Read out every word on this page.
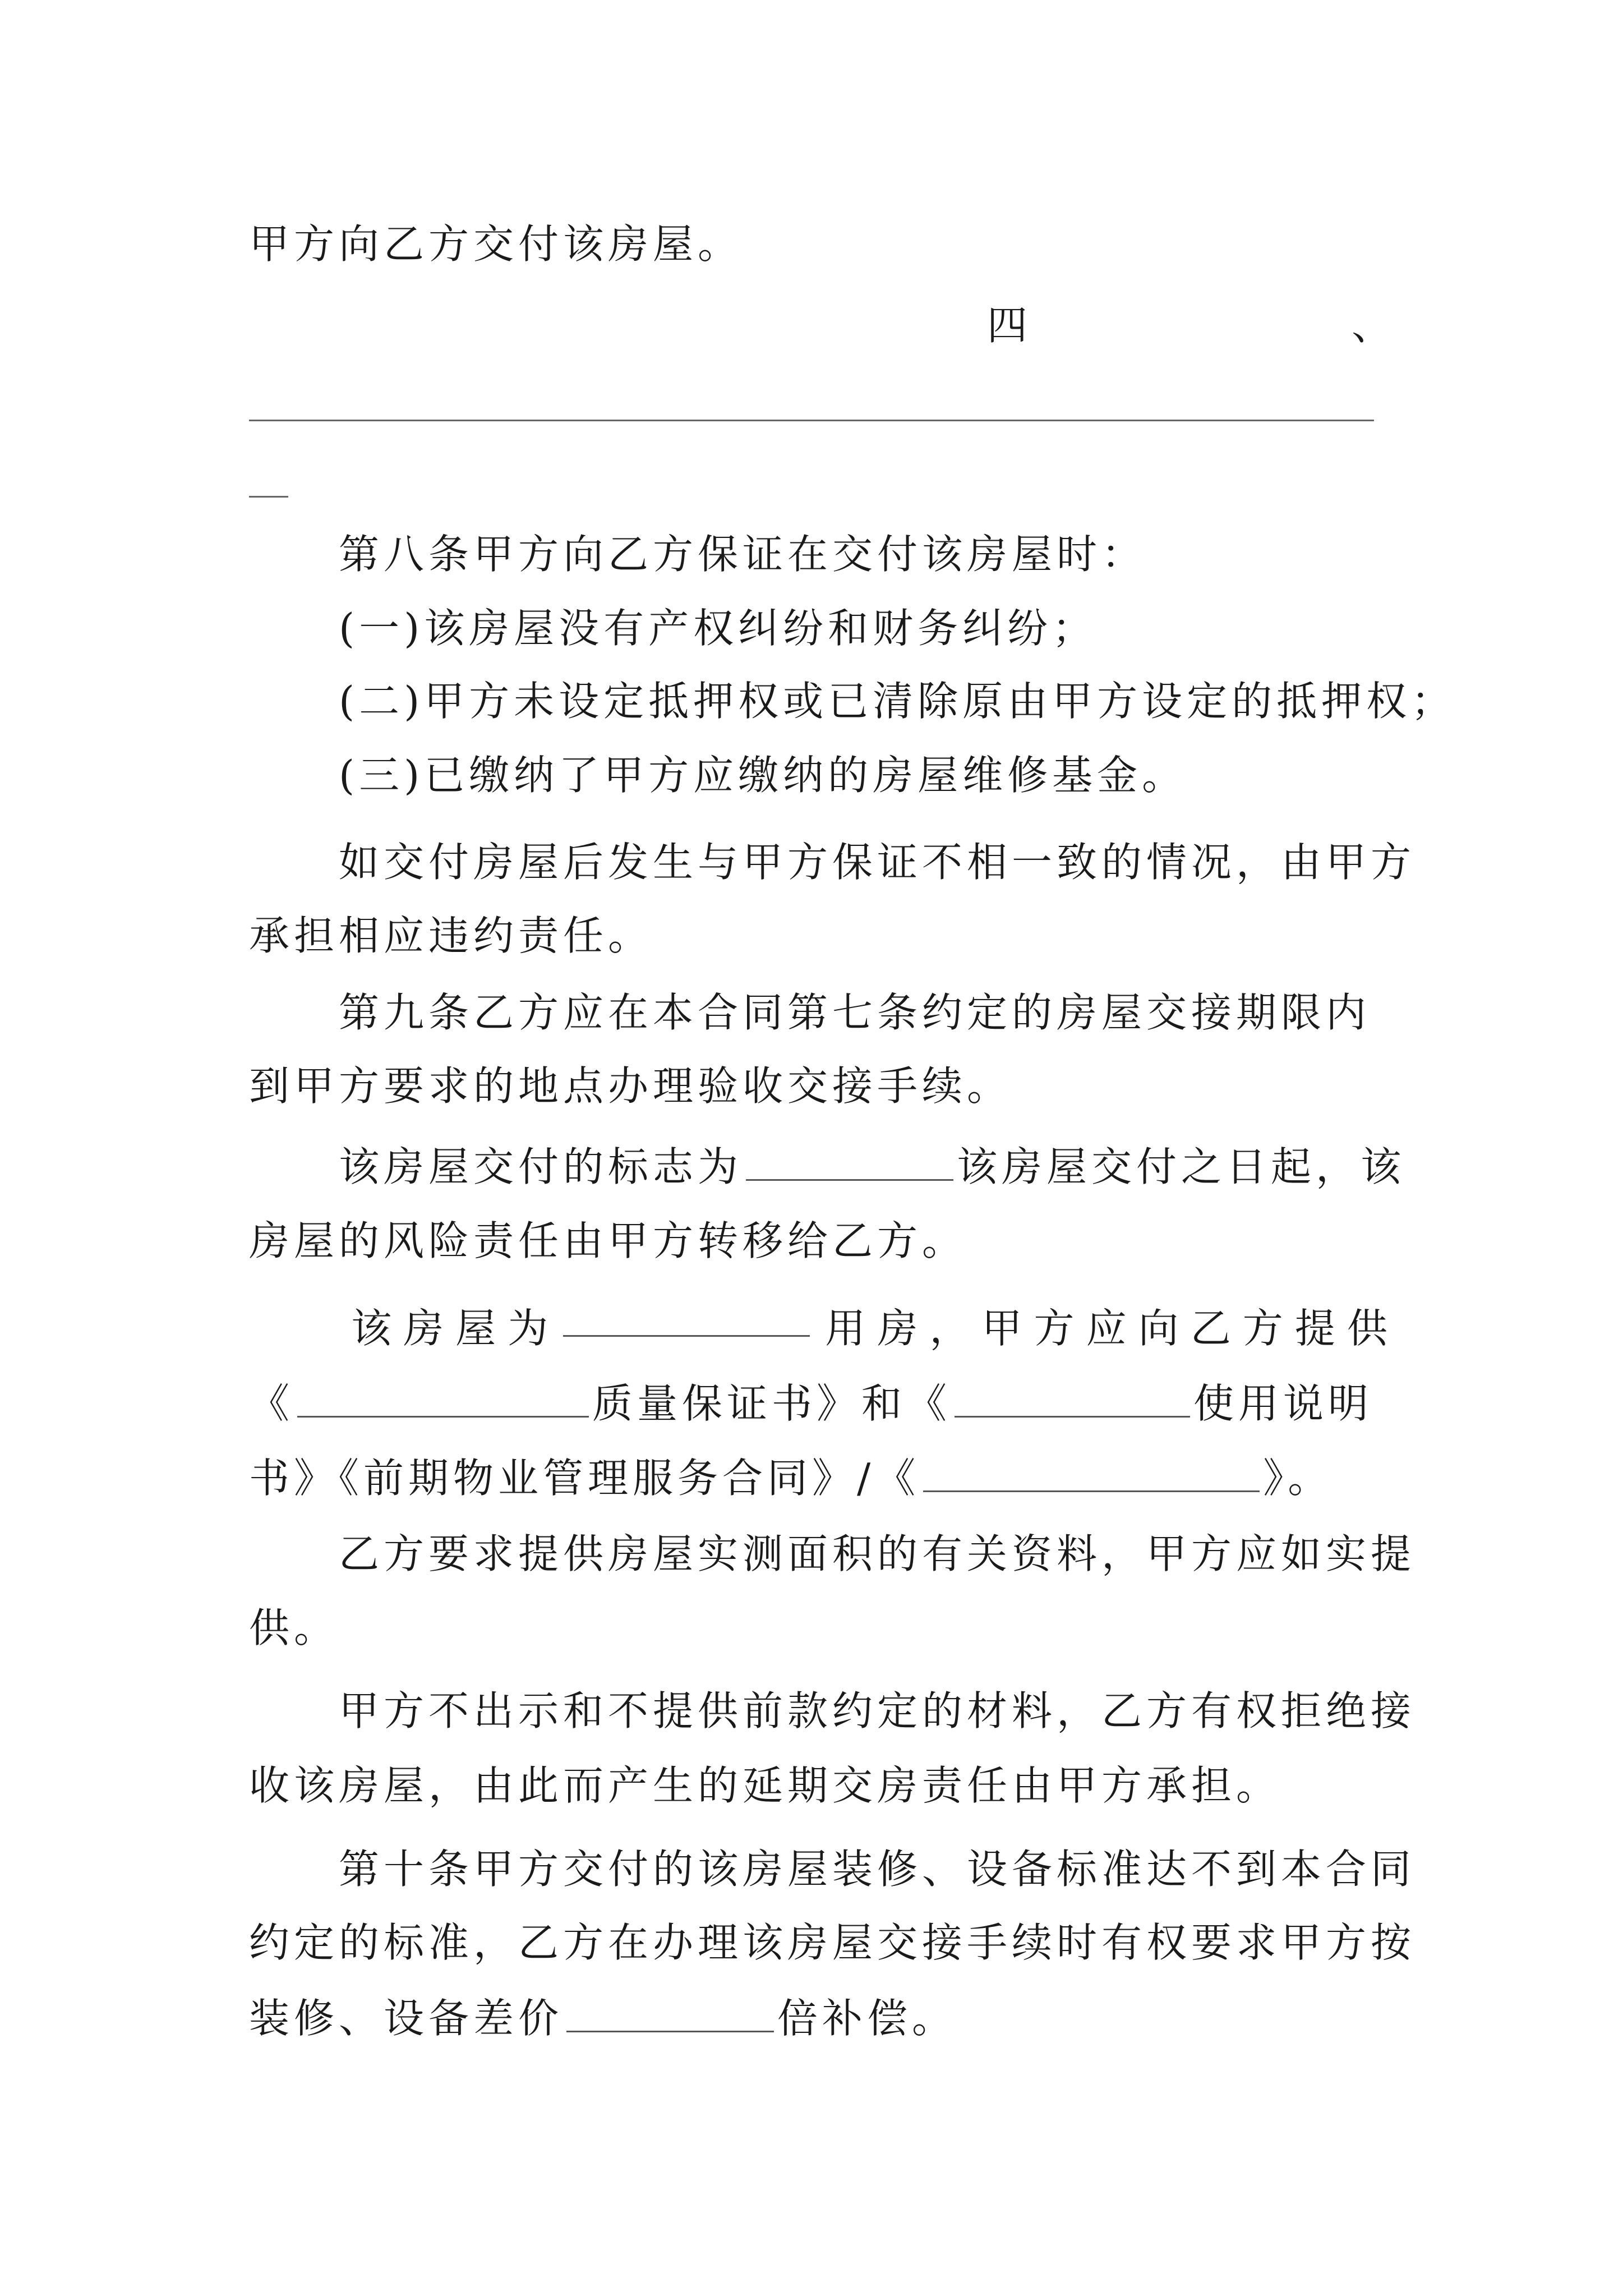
甲方向乙方交付该房屋。
四	、
第八条甲方向乙方保证在交付该房屋时：
(一)该房屋没有产权纠纷和财务纠纷；
(二)甲方未设定抵押权或已清除原由甲方设定的抵押权；
(三)已缴纳了甲方应缴纳的房屋维修基金。
如交付房屋后发生与甲方保证不相一致的情况，由甲方
承担相应违约责任。
第九条乙方应在本合同第七条约定的房屋交接期限内
到甲方要求的地点办理验收交接手续。
该房屋交付的标志为	该房屋交付之日起，该
房屋的风险责任由甲方转移给乙方。
该 房 屋 为	用 房 ， 甲 方 应 向 乙 方 提 供
《	质量保证书》和《	使用说明
书》《前期物业管理服务合同》/《	》。
乙方要求提供房屋实测面积的有关资料，甲方应如实提
供。
甲方不出示和不提供前款约定的材料，乙方有权拒绝接
收该房屋，由此而产生的延期交房责任由甲方承担。
第十条甲方交付的该房屋装修、设备标准达不到本合同
约定的标准，乙方在办理该房屋交接手续时有权要求甲方按
装修、设备差价	倍补偿。
